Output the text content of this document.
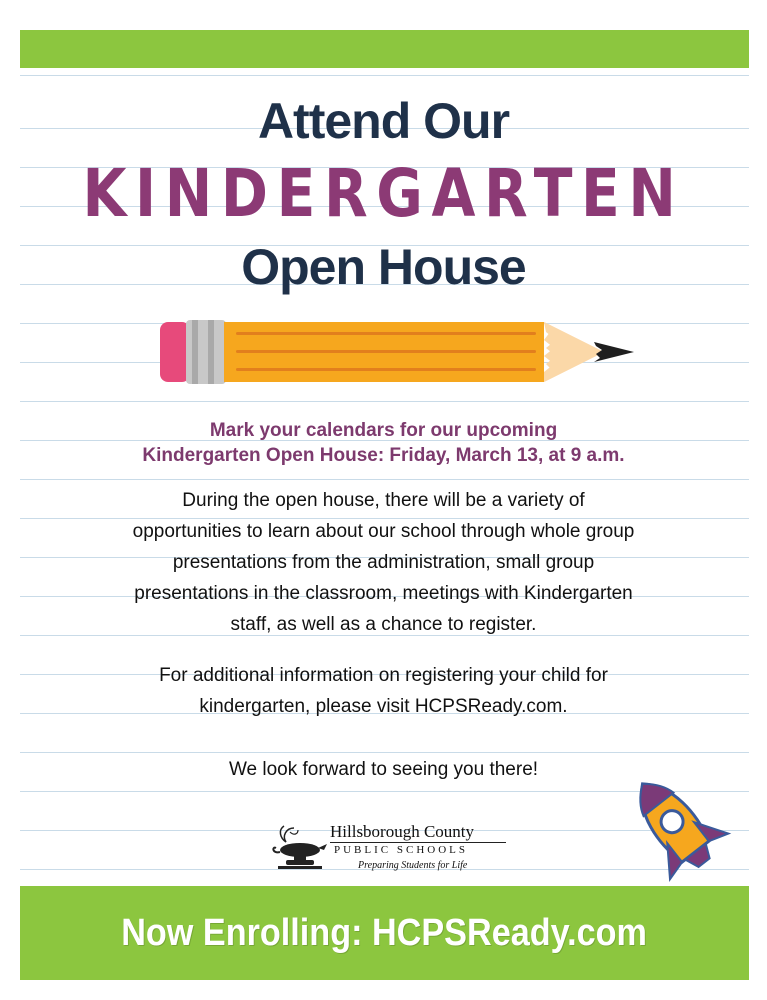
Attend Our
KINDERGARTEN
Open House
Mark your calendars for our upcoming
Kindergarten Open House: Friday, March 13, at 9 a.m.
During the open house, there will be a variety of
opportunities to learn about our school through whole group
presentations from the administration, small group
presentations in the classroom, meetings with Kindergarten
staff, as well as a chance to register.
For additional information on registering your child for
kindergarten, please visit HCPSReady.com.
We look forward to seeing you there!
Hillsborough County
PUBLIC SCHOOLS
Preparing Students for Life
Now Enrolling: HCPSReady.com
